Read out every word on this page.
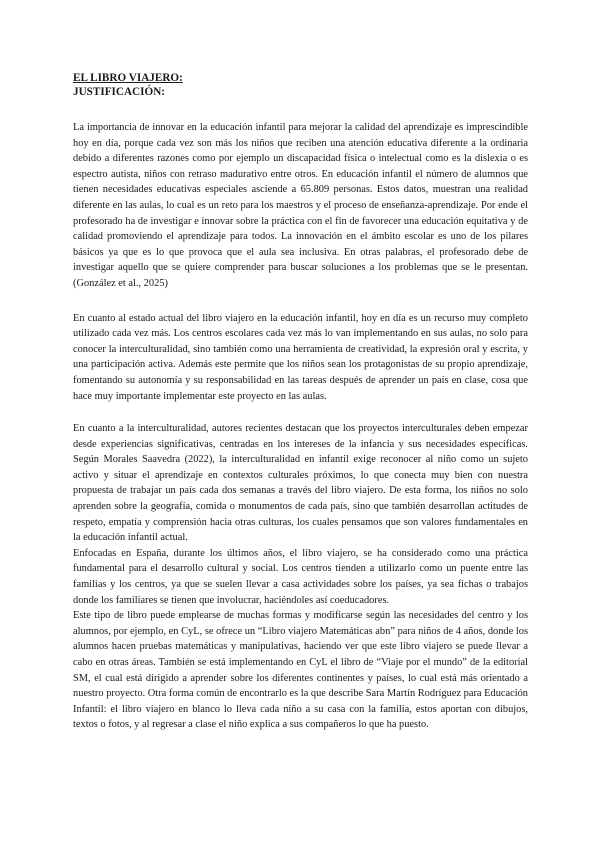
EL LIBRO VIAJERO:

JUSTIFICACIÓN:

La importancia de innovar en la educación infantil para mejorar la calidad del aprendizaje es imprescindible hoy en día, porque cada vez son más los niños que reciben una atención educativa diferente a la ordinaria debido a diferentes razones como por ejemplo un discapacidad física o intelectual como es la dislexia o es espectro autista, niños con retraso madurativo entre otros. En educación infantil el número de alumnos que tienen necesidades educativas especiales asciende a 65.809 personas. Estos datos, muestran una realidad diferente en las aulas, lo cual es un reto para los maestros y el proceso de enseñanza-aprendizaje. Por ende el profesorado ha de investigar e innovar sobre la práctica con el fin de favorecer una educación equitativa y de calidad promoviendo el aprendizaje para todos. La innovación en el ámbito escolar es uno de los pilares básicos ya que es lo que provoca que el aula sea inclusiva. En otras palabras, el profesorado debe de investigar aquello que se quiere comprender para buscar soluciones a los problemas que se le presentan. (González et al., 2025)

En cuanto al estado actual del libro viajero en la educación infantil, hoy en día es un recurso muy completo utilizado cada vez más. Los centros escolares cada vez más lo van implementando en sus aulas, no solo para conocer la interculturalidad, sino también como una herramienta de creatividad, la expresión oral y escrita, y una participación activa. Además este permite que los niños sean los protagonistas de su propio aprendizaje, fomentando su autonomía y su responsabilidad en las tareas después de aprender un país en clase, cosa que hace muy importante implementar este proyecto en las aulas.

En cuanto a la interculturalidad, autores recientes destacan que los proyectos interculturales deben empezar desde experiencias significativas, centradas en los intereses de la infancia y sus necesidades específicas. Según Morales Saavedra (2022), la interculturalidad en infantil exige reconocer al niño como un sujeto activo y situar el aprendizaje en contextos culturales próximos, lo que conecta muy bien con nuestra propuesta de trabajar un país cada dos semanas a través del libro viajero. De esta forma, los niños no solo aprenden sobre la geografía, comida o monumentos de cada país, sino que también desarrollan actitudes de respeto, empatía y comprensión hacia otras culturas, los cuales pensamos que son valores fundamentales en la educación infantil actual.

Enfocadas en España, durante los últimos años, el libro viajero, se ha considerado como una práctica fundamental para el desarrollo cultural y social. Los centros tienden a utilizarlo como un puente entre las familias y los centros, ya que se suelen llevar a casa actividades sobre los países, ya sea fichas o trabajos donde los familiares se tienen que involucrar, haciéndoles así coeducadores.

Este tipo de libro puede emplearse de muchas formas y modificarse según las necesidades del centro y los alumnos, por ejemplo, en CyL, se ofrece un “Libro viajero Matemáticas abn” para niños de 4 años, donde los alumnos hacen pruebas matemáticas y manipulativas, haciendo ver que este libro viajero se puede llevar a cabo en otras áreas. También se está implementando en CyL el libro de “Viaje por el mundo” de la editorial SM, el cual está dirigido a aprender sobre los diferentes continentes y países, lo cual está más orientado a nuestro proyecto. Otra forma común de encontrarlo es la que describe Sara Martín Rodríguez para Educación Infantil: el libro viajero en blanco lo lleva cada niño a su casa con la familia, estos aportan con dibujos, textos o fotos, y al regresar a clase el niño explica a sus compañeros lo que ha puesto.
